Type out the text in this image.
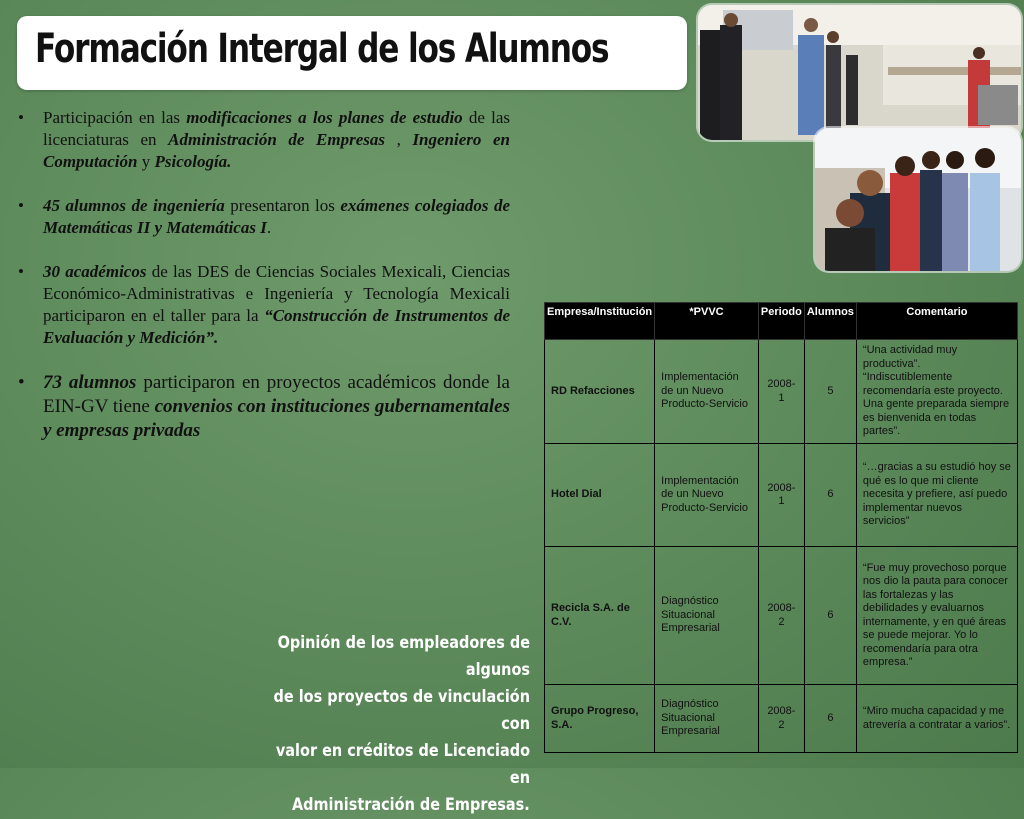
Formación Intergal de los Alumnos
• Participación en las modificaciones a los planes de estudio de las licenciaturas en Administración de Empresas , Ingeniero en Computación y Psicología.
• 45 alumnos de ingeniería presentaron los exámenes colegiados de Matemáticas II y Matemáticas I.
• 30 académicos de las DES de Ciencias Sociales Mexicali, Ciencias Económico-Administrativas e Ingeniería y Tecnología Mexicali participaron en el taller para la “Construcción de Instrumentos de Evaluación y Medición”.
• 73 alumnos participaron en proyectos académicos donde la EIN-GV tiene convenios con instituciones gubernamentales y empresas privadas
Opinión de los empleadores de algunos
de los proyectos de vinculación con
valor en créditos de Licenciado en
Administración de Empresas.
Empresa/Institución	*PVVC	Periodo	Alumnos	Comentario
RD Refacciones	Implementación de un Nuevo Producto-Servicio	2008-1	5	“Una actividad muy productiva”. “Indiscutiblemente recomendaría este proyecto. Una gente preparada siempre es bienvenida en todas partes”.
Hotel Dial	Implementación de un Nuevo Producto-Servicio	2008-1	6	“…gracias a su estudió hoy se qué es lo que mi cliente necesita y prefiere, así puedo implementar nuevos servicios”
Recicla S.A. de C.V.	Diagnóstico Situacional Empresarial	2008-2	6	“Fue muy provechoso porque nos dio la pauta para conocer las fortalezas y las debilidades y evaluarnos internamente, y en qué áreas se puede mejorar. Yo lo recomendaría para otra empresa.”
Grupo Progreso, S.A.	Diagnóstico Situacional Empresarial	2008-2	6	“Miro mucha capacidad y me atrevería a contratar a varios”.
